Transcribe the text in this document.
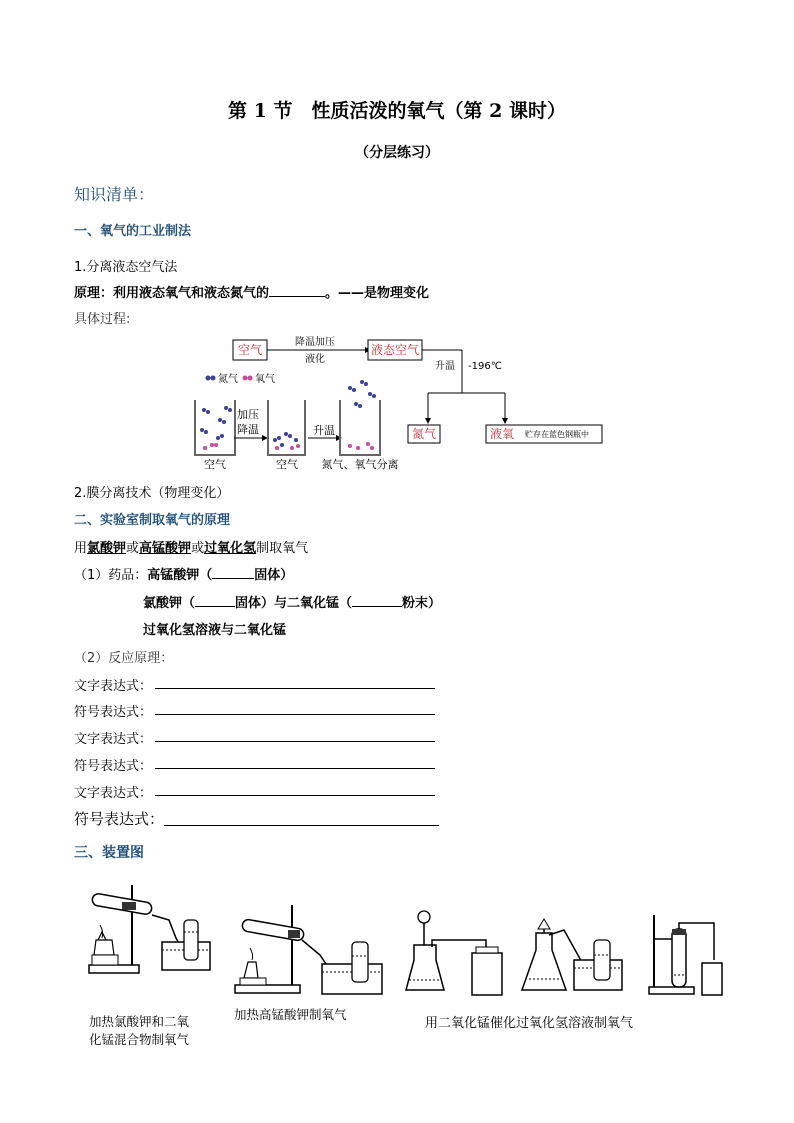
第 1 节　性质活泼的氧气（第 2 课时）
（分层练习）
知识清单：
一、氧气的工业制法
1.分离液态空气法
原理：利用液态氧气和液态氮气的	。——是物理变化
具体过程:
空气
降温加压
液化
液态空气
升温 -196℃
氮气	液氧 贮存在蓝色钢瓶中
氮气 氧气
加压
降温	升温
空气	空气 氮气、氧气分离
2.膜分离技术（物理变化）
二、实验室制取氧气的原理
用氯酸钾或高锰酸钾或过氧化氢制取氧气
（1）药品：高锰酸钾（	固体）
氯酸钾（	固体）与二氧化锰（	粉末）
过氧化氢溶液与二氧化锰
（2）反应原理：
文字表达式：
符号表达式：
文字表达式：
符号表达式：
文字表达式：
符号表达式：
三、装置图
加热氯酸钾和二氧
化锰混合物制氧气
加热高锰酸钾制氧气
用二氧化锰催化过氧化氢溶液制氧气
